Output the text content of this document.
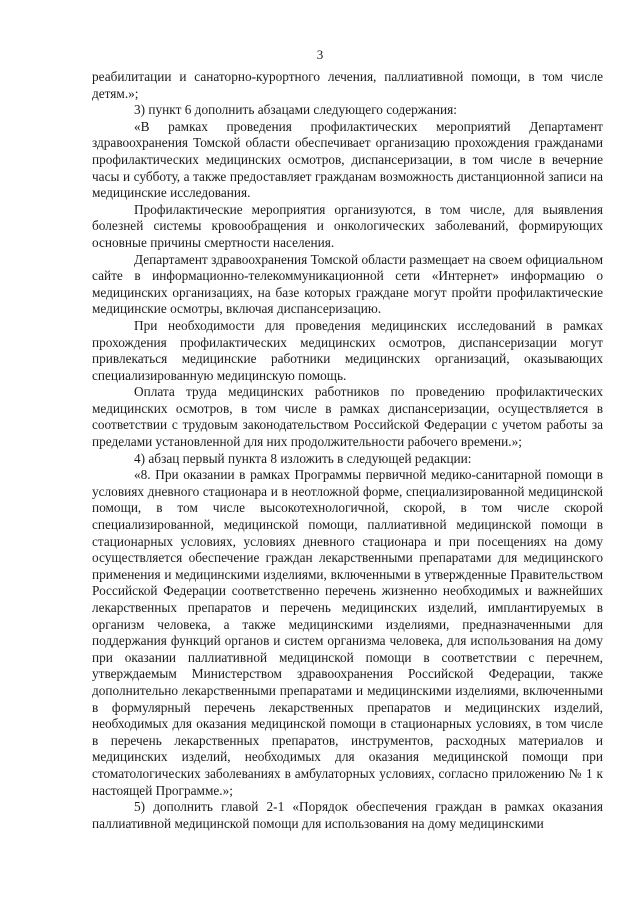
3

реабилитации и санаторно-курортного лечения, паллиативной помощи, в том числе детям.»;

3) пункт 6 дополнить абзацами следующего содержания:

«В рамках проведения профилактических мероприятий Департамент здравоохранения Томской области обеспечивает организацию прохождения гражданами профилактических медицинских осмотров, диспансеризации, в том числе в вечерние часы и субботу, а также предоставляет гражданам возможность дистанционной записи на медицинские исследования.

Профилактические мероприятия организуются, в том числе, для выявления болезней системы кровообращения и онкологических заболеваний, формирующих основные причины смертности населения.

Департамент здравоохранения Томской области размещает на своем официальном сайте в информационно-телекоммуникационной сети «Интернет» информацию о медицинских организациях, на базе которых граждане могут пройти профилактические медицинские осмотры, включая диспансеризацию.

При необходимости для проведения медицинских исследований в рамках прохождения профилактических медицинских осмотров, диспансеризации могут привлекаться медицинские работники медицинских организаций, оказывающих специализированную медицинскую помощь.

Оплата труда медицинских работников по проведению профилактических медицинских осмотров, в том числе в рамках диспансеризации, осуществляется в соответствии с трудовым законодательством Российской Федерации с учетом работы за пределами установленной для них продолжительности рабочего времени.»;

4) абзац первый пункта 8 изложить в следующей редакции:

«8. При оказании в рамках Программы первичной медико-санитарной помощи в условиях дневного стационара и в неотложной форме, специализированной медицинской помощи, в том числе высокотехнологичной, скорой, в том числе скорой специализированной, медицинской помощи, паллиативной медицинской помощи в стационарных условиях, условиях дневного стационара и при посещениях на дому осуществляется обеспечение граждан лекарственными препаратами для медицинского применения и медицинскими изделиями, включенными в утвержденные Правительством Российской Федерации соответственно перечень жизненно необходимых и важнейших лекарственных препаратов и перечень медицинских изделий, имплантируемых в организм человека, а также медицинскими изделиями, предназначенными для поддержания функций органов и систем организма человека, для использования на дому при оказании паллиативной медицинской помощи в соответствии с перечнем, утверждаемым Министерством здравоохранения Российской Федерации, также дополнительно лекарственными препаратами и медицинскими изделиями, включенными в формулярный перечень лекарственных препаратов и медицинских изделий, необходимых для оказания медицинской помощи в стационарных условиях, в том числе в перечень лекарственных препаратов, инструментов, расходных материалов и медицинских изделий, необходимых для оказания медицинской помощи при стоматологических заболеваниях в амбулаторных условиях, согласно приложению № 1 к настоящей Программе.»;

5) дополнить главой 2-1 «Порядок обеспечения граждан в рамках оказания паллиативной медицинской помощи для использования на дому медицинскими
